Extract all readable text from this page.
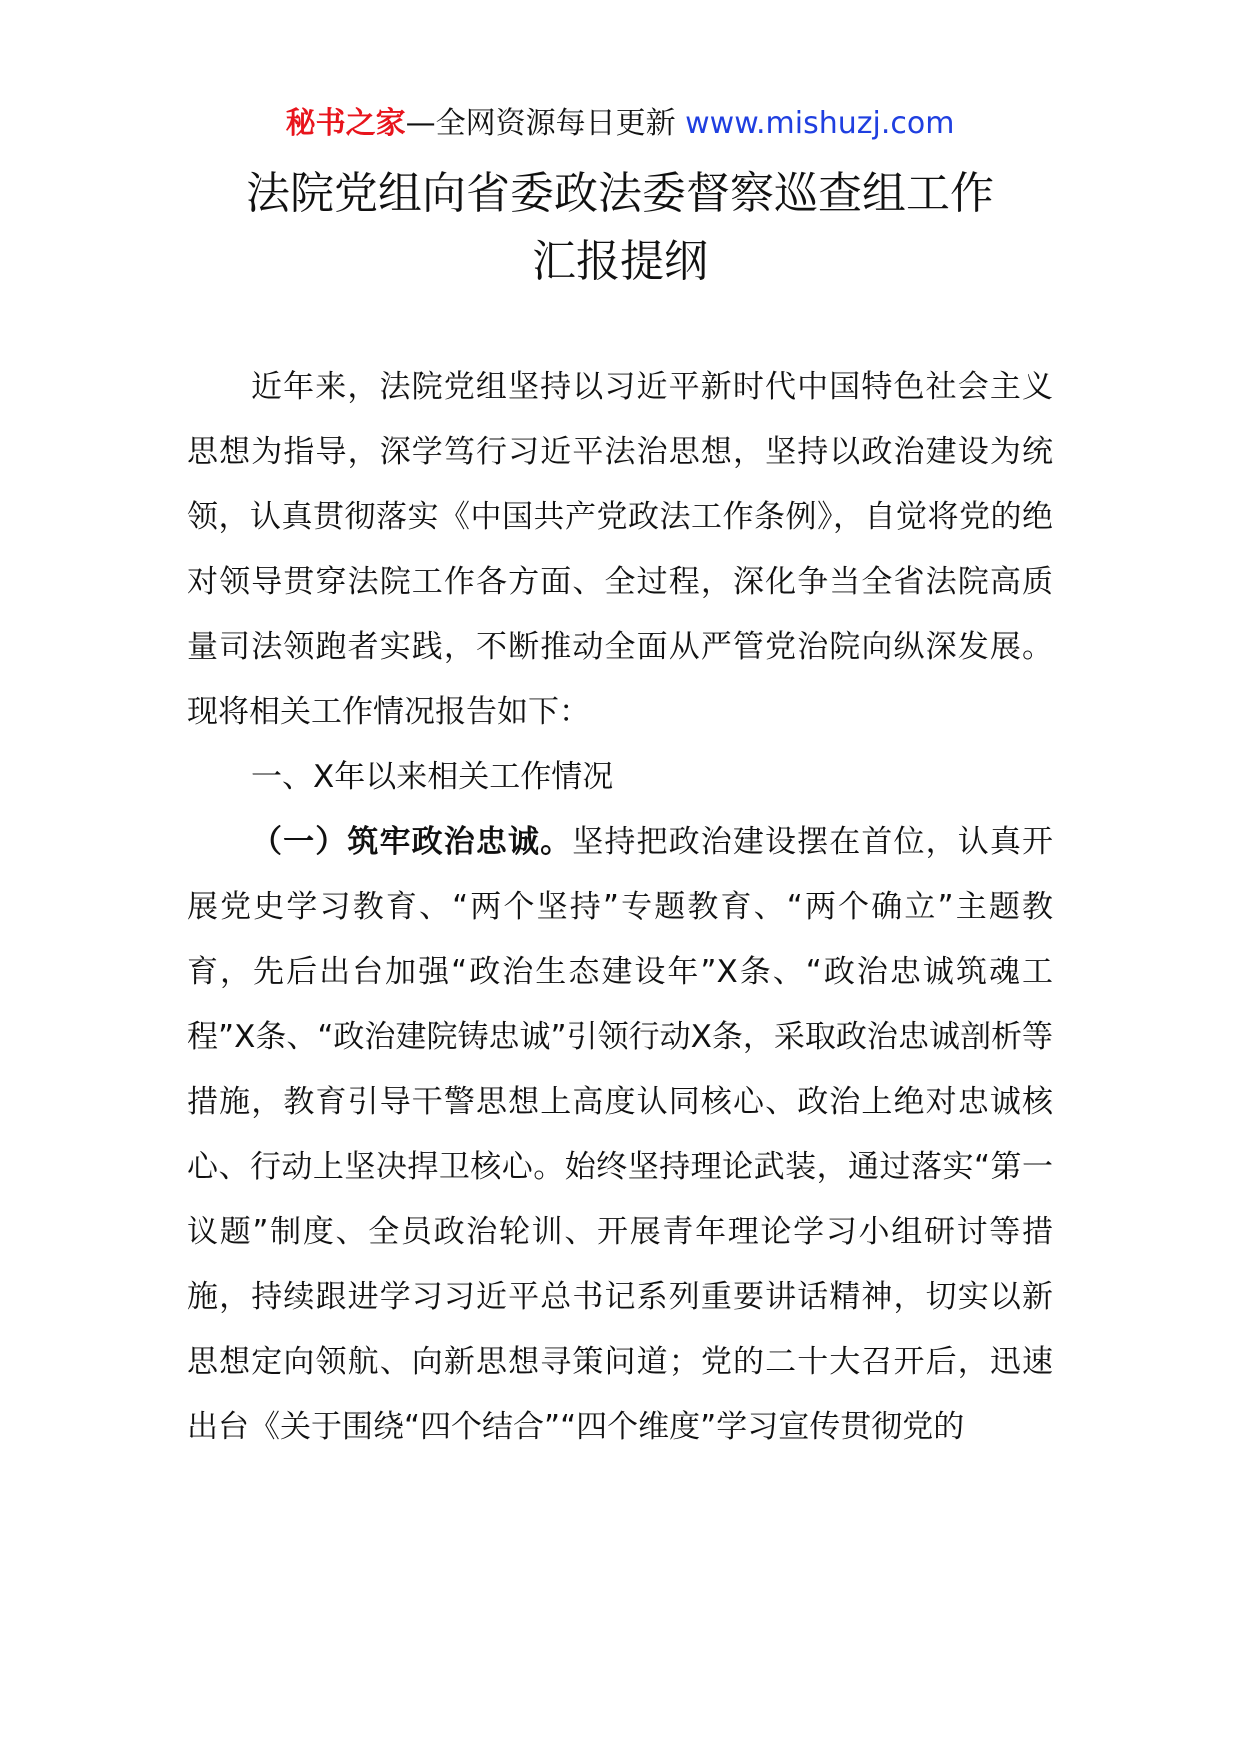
秘书之家—全网资源每日更新 www.mishuzj.com
法院党组向省委政法委督察巡查组工作
汇报提纲

近年来，法院党组坚持以习近平新时代中国特色社会主义思想为指导，深学笃行习近平法治思想，坚持以政治建设为统领，认真贯彻落实《中国共产党政法工作条例》，自觉将党的绝对领导贯穿法院工作各方面、全过程，深化争当全省法院高质量司法领跑者实践，不断推动全面从严管党治院向纵深发展。现将相关工作情况报告如下：

一、X年以来相关工作情况

（一）筑牢政治忠诚。坚持把政治建设摆在首位，认真开展党史学习教育、“两个坚持”专题教育、“两个确立”主题教育，先后出台加强“政治生态建设年”X条、“政治忠诚筑魂工程”X条、“政治建院铸忠诚”引领行动X条，采取政治忠诚剖析等措施，教育引导干警思想上高度认同核心、政治上绝对忠诚核心、行动上坚决捍卫核心。始终坚持理论武装，通过落实“第一议题”制度、全员政治轮训、开展青年理论学习小组研讨等措施，持续跟进学习习近平总书记系列重要讲话精神，切实以新思想定向领航、向新思想寻策问道；党的二十大召开后，迅速出台《关于围绕“四个结合”“四个维度”学习宣传贯彻党的
